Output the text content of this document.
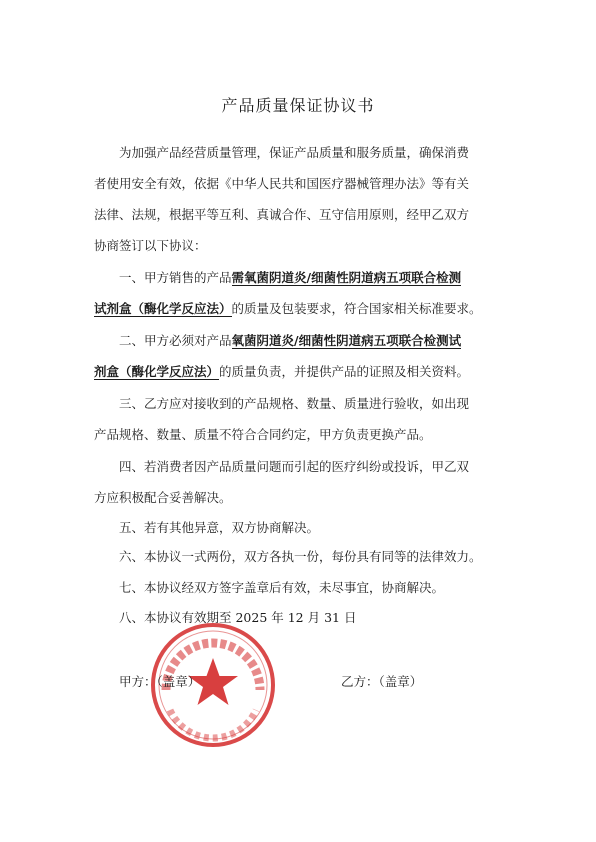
产品质量保证协议书
为加强产品经营质量管理，保证产品质量和服务质量，确保消费
者使用安全有效，依据《中华人民共和国医疗器械管理办法》等有关
法律、法规，根据平等互利、真诚合作、互守信用原则，经甲乙双方
协商签订以下协议：
一、甲方销售的产品需氧菌阴道炎/细菌性阴道病五项联合检测
试剂盒（酶化学反应法）的质量及包装要求，符合国家相关标准要求。
二、甲方必须对产品氧菌阴道炎/细菌性阴道病五项联合检测试
剂盒（酶化学反应法）的质量负责，并提供产品的证照及相关资料。
三、乙方应对接收到的产品规格、数量、质量进行验收，如出现
产品规格、数量、质量不符合合同约定，甲方负责更换产品。
四、若消费者因产品质量问题而引起的医疗纠纷或投诉，甲乙双
方应积极配合妥善解决。
五、若有其他异意，双方协商解决。
六、本协议一式两份，双方各执一份，每份具有同等的法律效力。
七、本协议经双方签字盖章后有效，未尽事宜，协商解决。
八、本协议有效期至 2025 年 12 月 31 日
甲方：（盖章）	乙方：（盖章）
